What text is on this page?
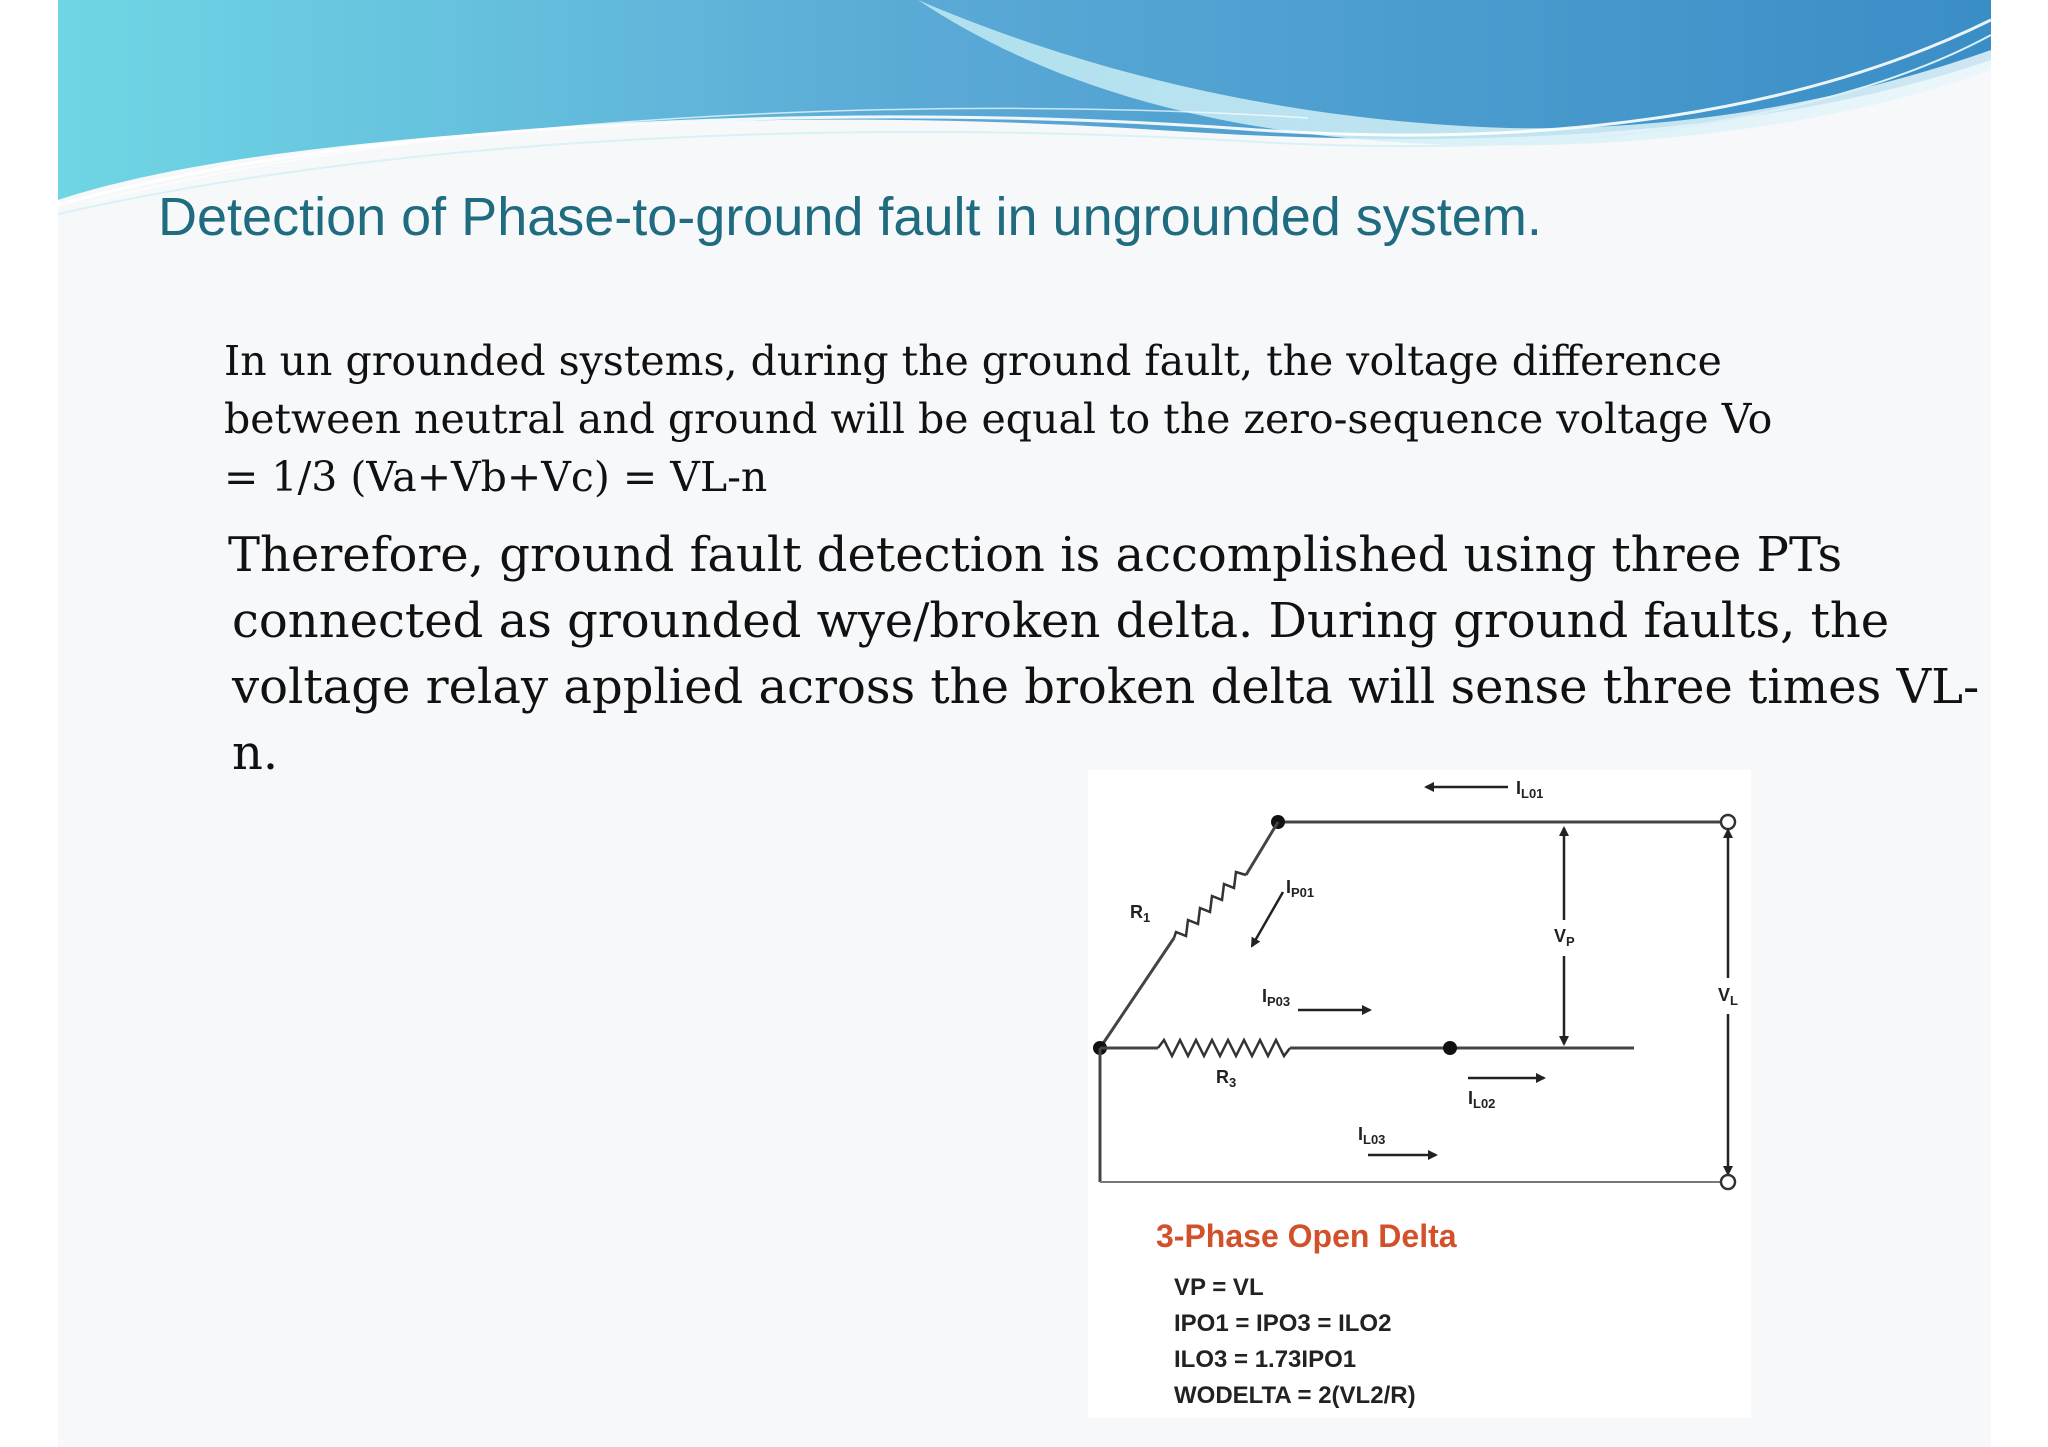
Detection of Phase-to-ground fault in ungrounded system.

In un grounded systems, during the ground fault, the voltage difference

between neutral and ground will be equal to the zero-sequence voltage Vo

= 1/3 (Va+Vb+Vc) = VL-n

Therefore, ground fault detection is accomplished using three PTs

connected as grounded wye/broken delta. During ground faults, the

voltage relay applied across the broken delta will sense three times VL-

n.

$I_{L01}$
$R_1$
$I_{P01}$
$V_P$
$V_L$
$I_{P03}$
$R_3$
$I_{L02}$
$I_{L03}$
3-Phase Open Delta
VP = VL
IPO1 = IPO3 = ILO2
ILO3 = 1.73IPO1
WODELTA = 2(VL2/R)
